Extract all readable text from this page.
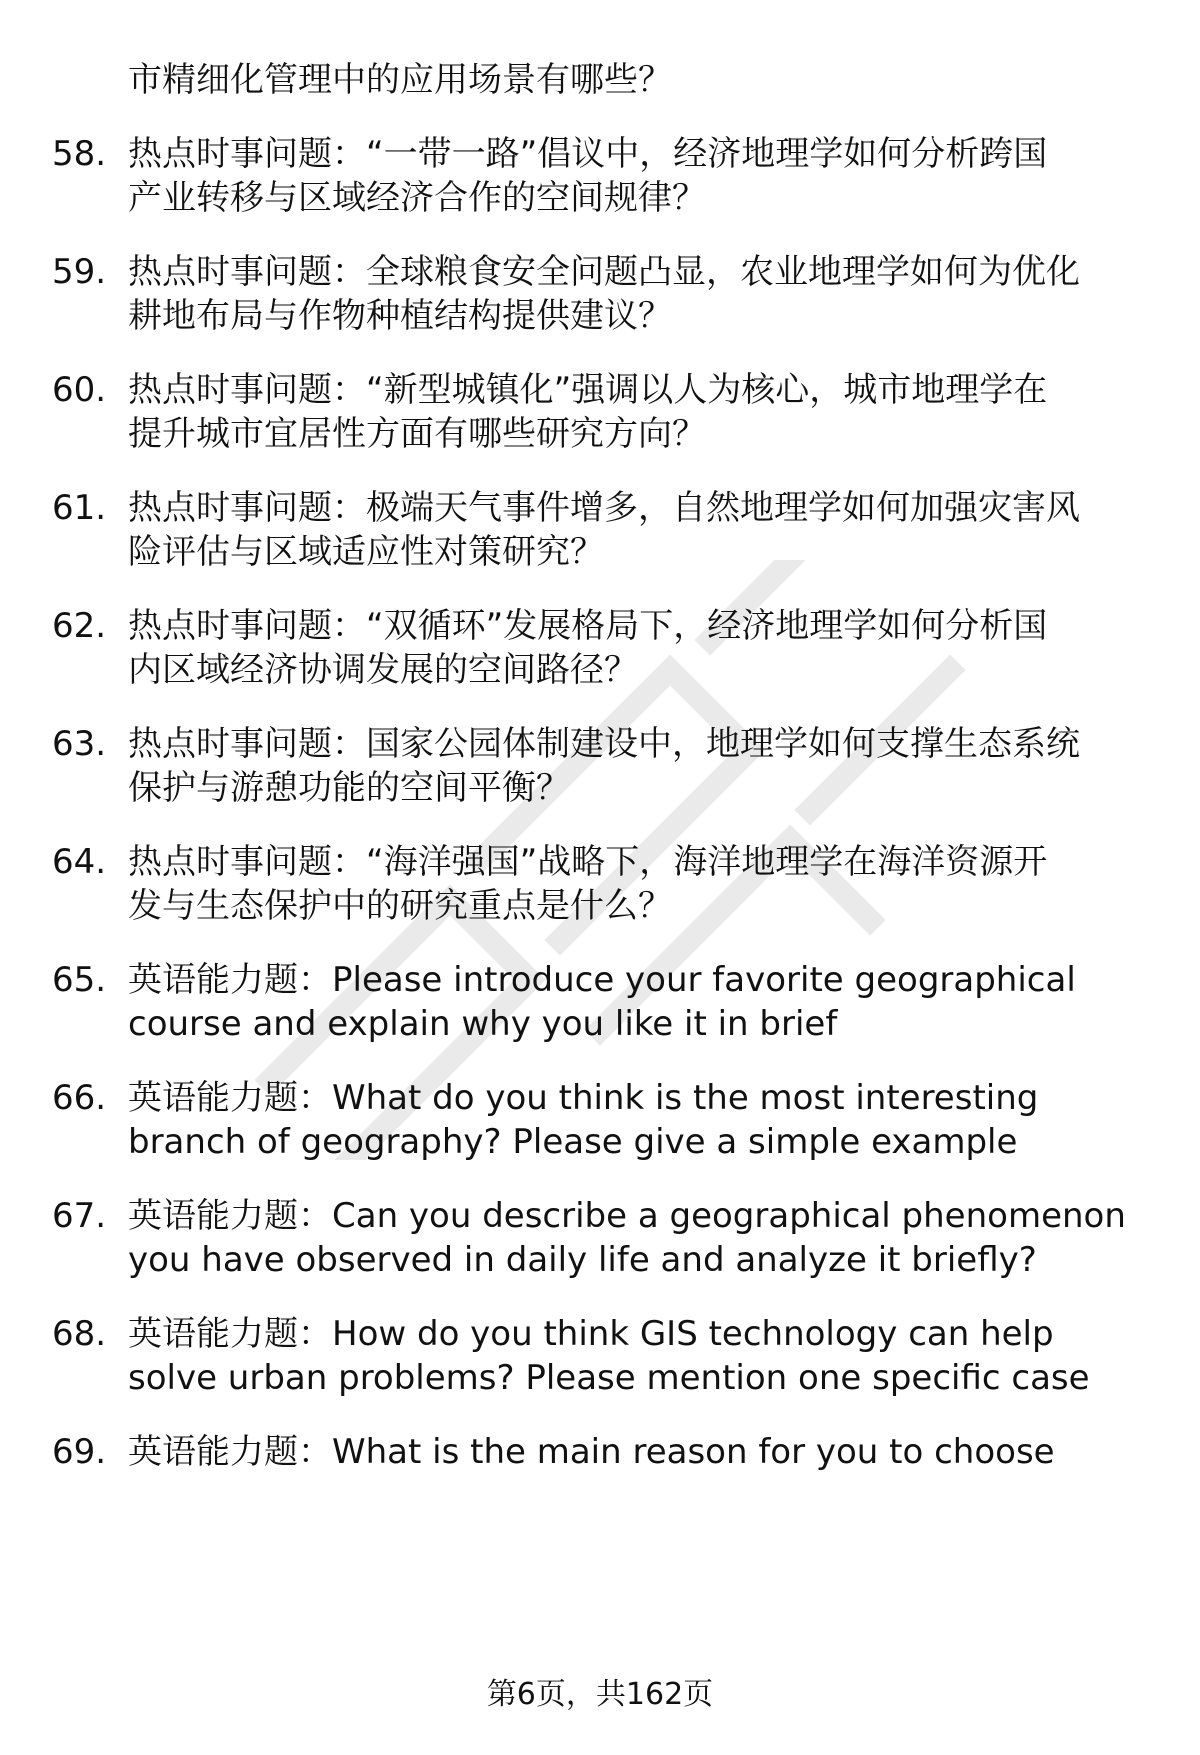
市精细化管理中的应用场景有哪些？
58. 热点时事问题：“一带一路”倡议中，经济地理学如何分析跨国
产业转移与区域经济合作的空间规律？
59. 热点时事问题：全球粮食安全问题凸显，农业地理学如何为优化
耕地布局与作物种植结构提供建议？
60. 热点时事问题：“新型城镇化”强调以人为核心，城市地理学在
提升城市宜居性方面有哪些研究方向？
61. 热点时事问题：极端天气事件增多，自然地理学如何加强灾害风
险评估与区域适应性对策研究？
62. 热点时事问题：“双循环”发展格局下，经济地理学如何分析国
内区域经济协调发展的空间路径？
63. 热点时事问题：国家公园体制建设中，地理学如何支撑生态系统
保护与游憩功能的空间平衡？
64. 热点时事问题：“海洋强国”战略下，海洋地理学在海洋资源开
发与生态保护中的研究重点是什么？
65. 英语能力题：Please introduce your favorite geographical
course and explain why you like it in brief
66. 英语能力题：What do you think is the most interesting
branch of geography? Please give a simple example
67. 英语能力题：Can you describe a geographical phenomenon
you have observed in daily life and analyze it briefly?
68. 英语能力题：How do you think GIS technology can help
solve urban problems? Please mention one specific case
69. 英语能力题：What is the main reason for you to choose
第6页，共162页
